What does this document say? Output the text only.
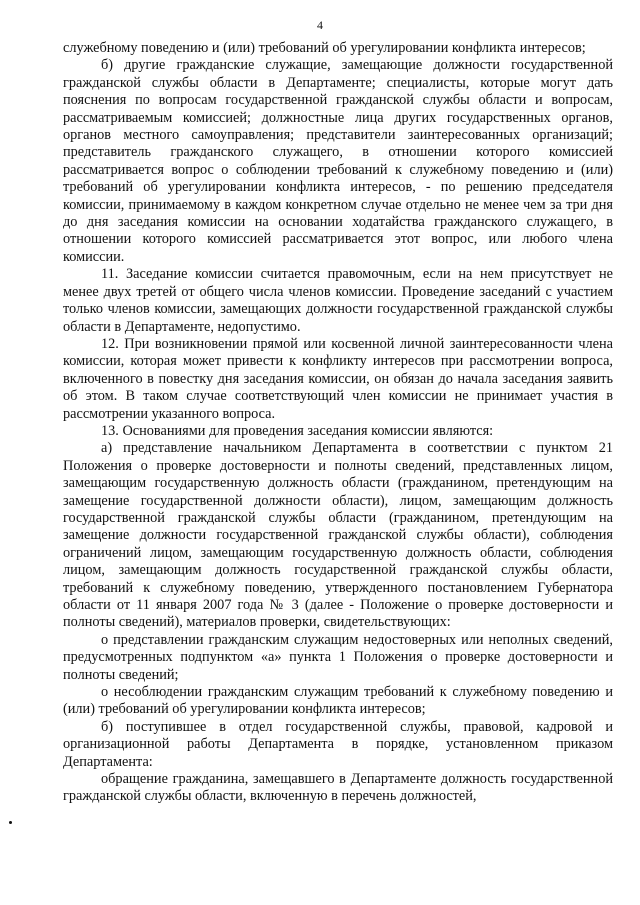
4

служебному поведению и (или) требований об урегулировании конфликта интересов;

б) другие гражданские служащие, замещающие должности государственной гражданской службы области в Департаменте; специалисты, которые могут дать пояснения по вопросам государственной гражданской службы области и вопросам, рассматриваемым комиссией; должностные лица других государственных органов, органов местного самоуправления; представители заинтересованных организаций; представитель гражданского служащего, в отношении которого комиссией рассматривается вопрос о соблюдении требований к служебному поведению и (или) требований об урегулировании конфликта интересов, - по решению председателя комиссии, принимаемому в каждом конкретном случае отдельно не менее чем за три дня до дня заседания комиссии на основании ходатайства гражданского служащего, в отношении которого комиссией рассматривается этот вопрос, или любого члена комиссии.

11. Заседание комиссии считается правомочным, если на нем присутствует не менее двух третей от общего числа членов комиссии. Проведение заседаний с участием только членов комиссии, замещающих должности государственной гражданской службы области в Департаменте, недопустимо.

12. При возникновении прямой или косвенной личной заинтересованности члена комиссии, которая может привести к конфликту интересов при рассмотрении вопроса, включенного в повестку дня заседания комиссии, он обязан до начала заседания заявить об этом. В таком случае соответствующий член комиссии не принимает участия в рассмотрении указанного вопроса.

13. Основаниями для проведения заседания комиссии являются:

а) представление начальником Департамента в соответствии с пунктом 21 Положения о проверке достоверности и полноты сведений, представленных лицом, замещающим государственную должность области (гражданином, претендующим на замещение государственной должности области), лицом, замещающим должность государственной гражданской службы области (гражданином, претендующим на замещение должности государственной гражданской службы области), соблюдения ограничений лицом, замещающим государственную должность области, соблюдения лицом, замещающим должность государственной гражданской службы области, требований к служебному поведению, утвержденного постановлением Губернатора области от 11 января 2007 года № 3 (далее - Положение о проверке достоверности и полноты сведений), материалов проверки, свидетельствующих:

о представлении гражданским служащим недостоверных или неполных сведений, предусмотренных подпунктом «а» пункта 1 Положения о проверке достоверности и полноты сведений;

о несоблюдении гражданским служащим требований к служебному поведению и (или) требований об урегулировании конфликта интересов;

б) поступившее в отдел государственной службы, правовой, кадровой и организационной работы Департамента в порядке, установленном приказом Департамента:

обращение гражданина, замещавшего в Департаменте должность государственной гражданской службы области, включенную в перечень должностей,
